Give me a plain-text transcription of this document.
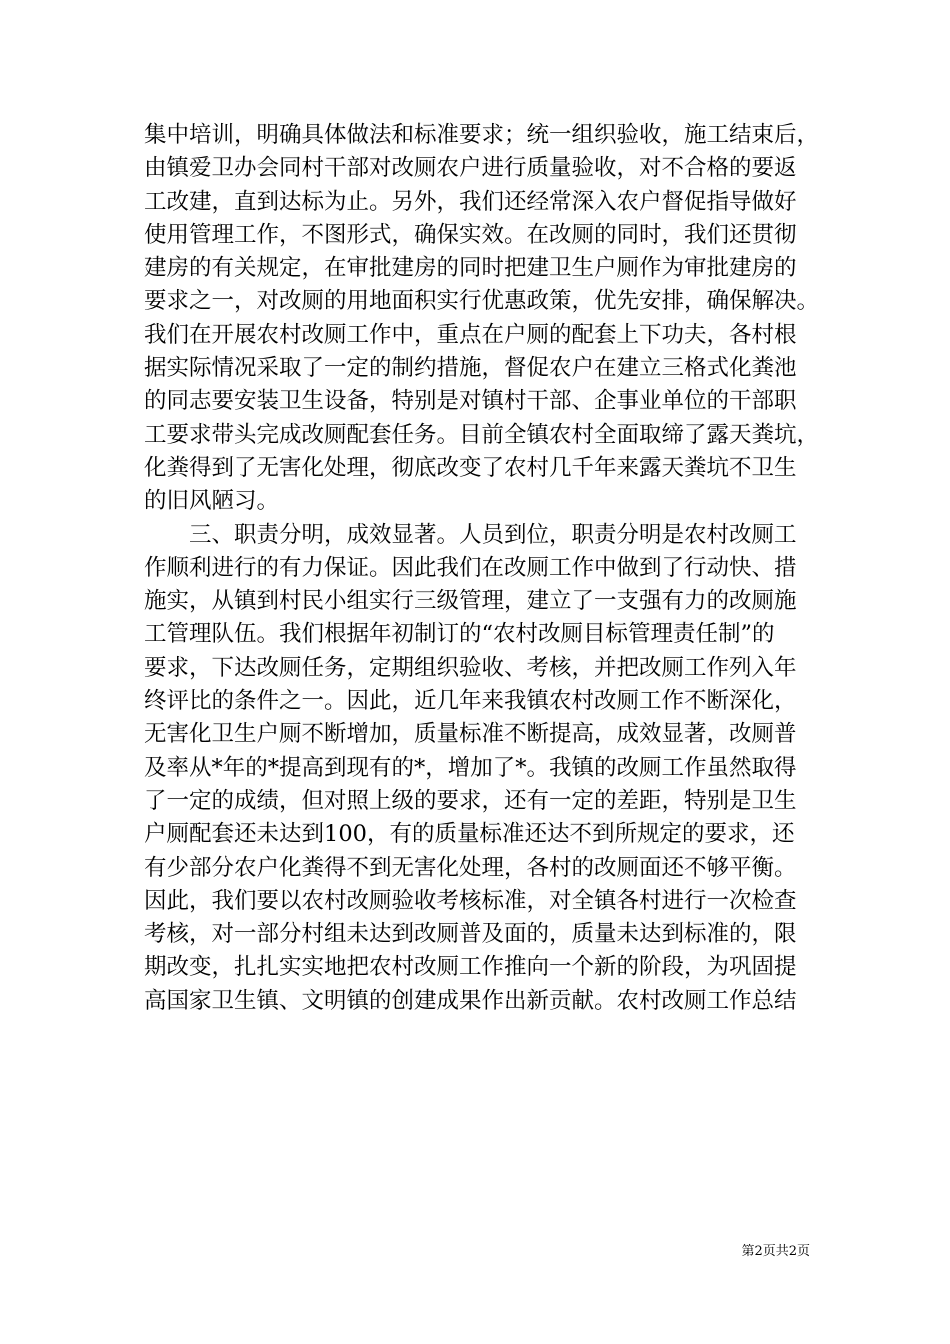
集中培训，明确具体做法和标准要求；统一组织验收，施工结束后，
由镇爱卫办会同村干部对改厕农户进行质量验收，对不合格的要返
工改建，直到达标为止。另外，我们还经常深入农户督促指导做好
使用管理工作，不图形式，确保实效。在改厕的同时，我们还贯彻
建房的有关规定，在审批建房的同时把建卫生户厕作为审批建房的
要求之一，对改厕的用地面积实行优惠政策，优先安排，确保解决。
我们在开展农村改厕工作中，重点在户厕的配套上下功夫，各村根
据实际情况采取了一定的制约措施，督促农户在建立三格式化粪池
的同志要安装卫生设备，特别是对镇村干部、企事业单位的干部职
工要求带头完成改厕配套任务。目前全镇农村全面取缔了露天粪坑，
化粪得到了无害化处理，彻底改变了农村几千年来露天粪坑不卫生
的旧风陋习。
三、职责分明，成效显著。人员到位，职责分明是农村改厕工
作顺利进行的有力保证。因此我们在改厕工作中做到了行动快、措
施实，从镇到村民小组实行三级管理，建立了一支强有力的改厕施
工管理队伍。我们根据年初制订的“农村改厕目标管理责任制”的
要求，下达改厕任务，定期组织验收、考核，并把改厕工作列入年
终评比的条件之一。因此，近几年来我镇农村改厕工作不断深化，
无害化卫生户厕不断增加，质量标准不断提高，成效显著，改厕普
及率从*年的*提高到现有的*，增加了*。我镇的改厕工作虽然取得
了一定的成绩，但对照上级的要求，还有一定的差距，特别是卫生
户厕配套还未达到100，有的质量标准还达不到所规定的要求，还
有少部分农户化粪得不到无害化处理，各村的改厕面还不够平衡。
因此，我们要以农村改厕验收考核标准，对全镇各村进行一次检查
考核，对一部分村组未达到改厕普及面的，质量未达到标准的，限
期改变，扎扎实实地把农村改厕工作推向一个新的阶段，为巩固提
高国家卫生镇、文明镇的创建成果作出新贡献。农村改厕工作总结
第2页共2页
